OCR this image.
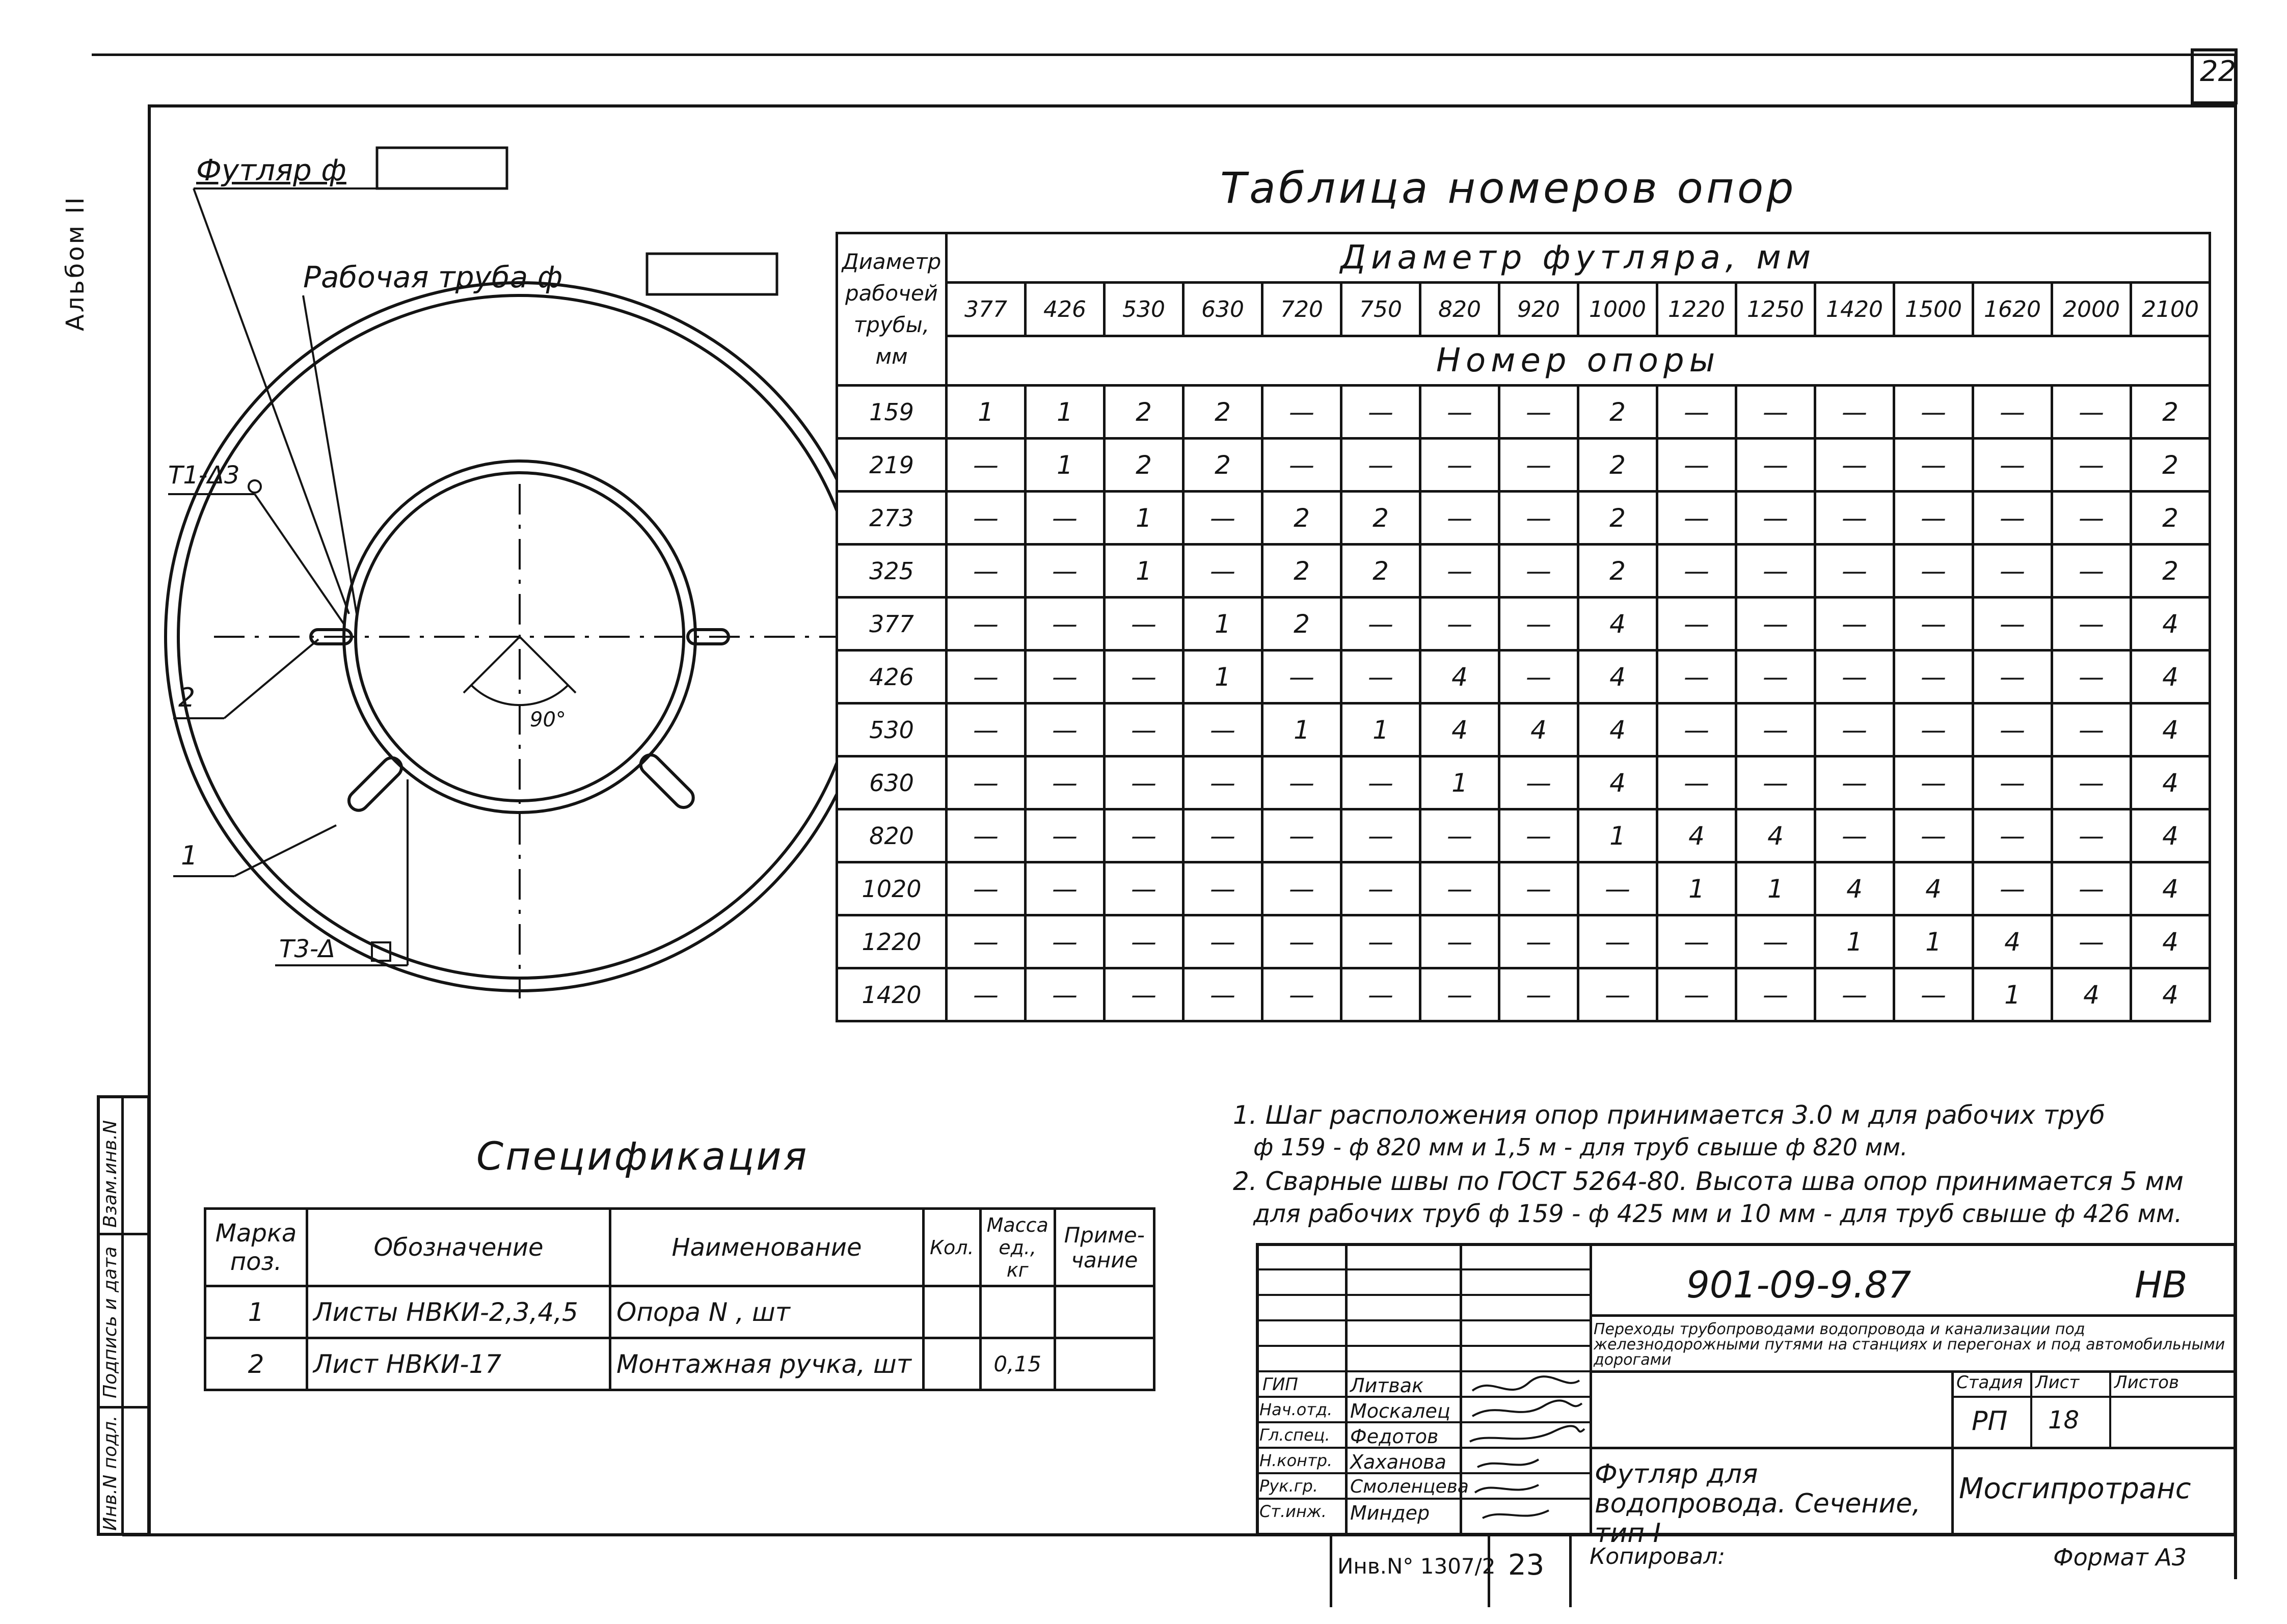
22
Альбом II
Инв.N подл.
Подпись и дата
Взам.инв.N
Футляр ф
Рабочая труба ф
Т1-Δ3
2
1
Т3-Δ
90°
Таблица номеров опор
Диаметр рабочей трубы, мм	Диаметр футляра, мм															
	377	426	530	630	720	750	820	920	1000	1220	1250	1420	1500	1620	2000	2100
	Номер опоры															
159	1	1	2	2	—	—	—	—	2	—	—	—	—	—	—	2
219	—	1	2	2	—	—	—	—	2	—	—	—	—	—	—	2
273	—	—	1	—	2	2	—	—	2	—	—	—	—	—	—	2
325	—	—	1	—	2	2	—	—	2	—	—	—	—	—	—	2
377	—	—	—	1	2	—	—	—	4	—	—	—	—	—	—	4
426	—	—	—	1	—	—	4	—	4	—	—	—	—	—	—	4
530	—	—	—	—	1	1	4	4	4	—	—	—	—	—	—	4
630	—	—	—	—	—	—	1	—	4	—	—	—	—	—	—	4
820	—	—	—	—	—	—	—	—	1	4	4	—	—	—	—	4
1020	—	—	—	—	—	—	—	—	—	1	1	4	4	—	—	4
1220	—	—	—	—	—	—	—	—	—	—	—	1	1	4	—	4
1420	—	—	—	—	—	—	—	—	—	—	—	—	—	1	4	4
1. Шаг расположения опор принимается 3.0 м для рабочих труб
ф 159 - ф 820 мм и 1,5 м - для труб свыше ф 820 мм.
2. Сварные швы по ГОСТ 5264-80. Высота шва опор принимается 5 мм
для рабочих труб ф 159 - ф 425 мм и 10 мм - для труб свыше ф 426 мм.
Спецификация
Марка поз.	Обозначение	Наименование	Кол.	Масса ед., кг	Приме-чание
1	Листы НВКИ-2,3,4,5	Опора N , шт			
2	Лист НВКИ-17	Монтажная ручка, шт		0,15	
901-09-9.87	НВ
Переходы трубопроводами водопровода и канализации под железнодорожными путями на станциях и перегонах и под автомобильными дорогами
Стадия Лист Листов
РП 18
Футляр для водопровода. Сечение, тип I
Мосгипротранс
ГИП	Литвак
Нач.отд. Москалец
Гл.спец. Федотов
Н.контр. Хаханова
Рук.гр. Смоленцева
Ст.инж. Миндер
Инв.N° 1307/2 23 Копировал:	Формат А3
